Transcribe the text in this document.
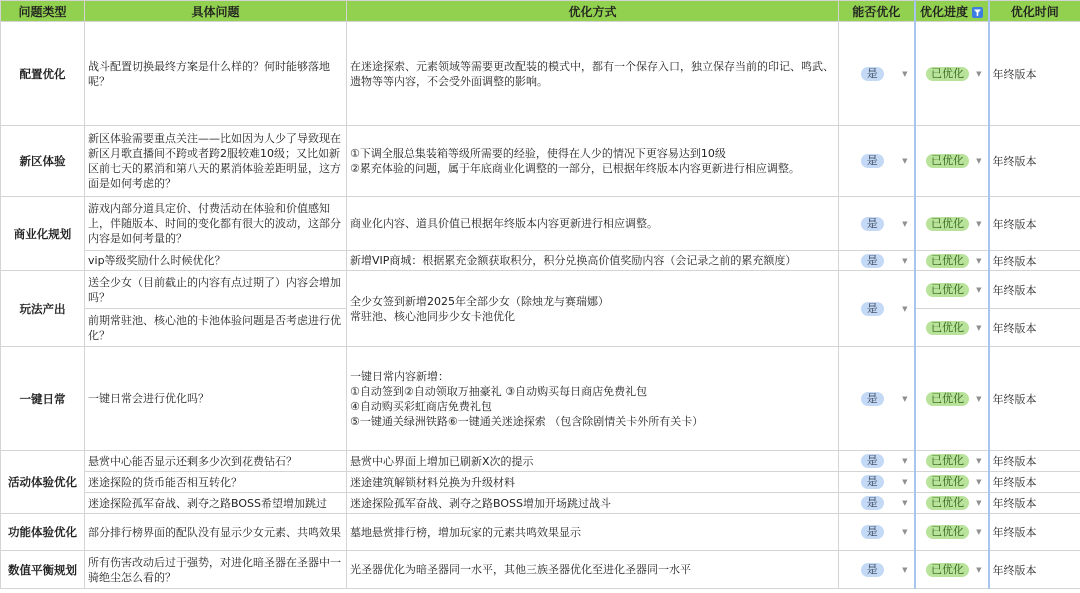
问题类型	具体问题	优化方式	能否优化	优化进度	优化时间
配置优化	战斗配置切换最终方案是什么样的？何时能够落地呢？	在迷途探索、元素领域等需要更改配装的模式中，都有一个保存入口，独立保存当前的印记、鸣武、遗物等等内容，不会受外面调整的影响。	是 ▼	已优化 ▼	年终版本
新区体验	新区体验需要重点关注——比如因为人少了导致现在新区月歌直播间不跨或者跨2服较难10级；又比如新区前七天的累消和第八天的累消体验差距明显，这方面是如何考虑的？	①下调全服总集装箱等级所需要的经验，使得在人少的情况下更容易达到10级
②累充体验的问题，属于年底商业化调整的一部分，已根据年终版本内容更新进行相应调整。	是 ▼	已优化 ▼	年终版本
商业化规划	游戏内部分道具定价、付费活动在体验和价值感知上，伴随版本、时间的变化都有很大的波动，这部分内容是如何考量的？	商业化内容、道具价值已根据年终版本内容更新进行相应调整。	是 ▼	已优化 ▼	年终版本
	vip等级奖励什么时候优化？	新增VIP商城：根据累充金额获取积分，积分兑换高价值奖励内容（会记录之前的累充额度）	是 ▼	已优化 ▼	年终版本
玩法产出	送全少女（目前截止的内容有点过期了）内容会增加吗？	全少女签到新增2025年全部少女（除烛龙与赛瑞娜）
常驻池、核心池同步少女卡池优化	是 ▼	已优化 ▼	年终版本
	前期常驻池、核心池的卡池体验问题是否考虑进行优化？			已优化 ▼	年终版本
一键日常	一键日常会进行优化吗？	一键日常内容新增：
①自动签到②自动领取万抽豪礼 ③自动购买每日商店免费礼包
④自动购买彩虹商店免费礼包
⑤一键通关绿洲铁路⑥一键通关迷途探索 （包含除剧情关卡外所有关卡）	是 ▼	已优化 ▼	年终版本
活动体验优化	悬赏中心能否显示还剩多少次到花费钻石？	悬赏中心界面上增加已刷新X次的提示	是 ▼	已优化 ▼	年终版本
	迷途探险的货币能否相互转化？	迷途建筑解锁材料兑换为升级材料	是 ▼	已优化 ▼	年终版本
	迷途探险孤军奋战、剥夺之路BOSS希望增加跳过	迷途探险孤军奋战、剥夺之路BOSS增加开场跳过战斗	是 ▼	已优化 ▼	年终版本
功能体验优化	部分排行榜界面的配队没有显示少女元素、共鸣效果	墓地悬赏排行榜，增加玩家的元素共鸣效果显示	是 ▼	已优化 ▼	年终版本
数值平衡规划	所有伤害改动后过于强势，对进化暗圣器在圣器中一骑绝尘怎么看的？	光圣器优化为暗圣器同一水平，其他三族圣器优化至进化圣器同一水平	是 ▼	已优化 ▼	年终版本
